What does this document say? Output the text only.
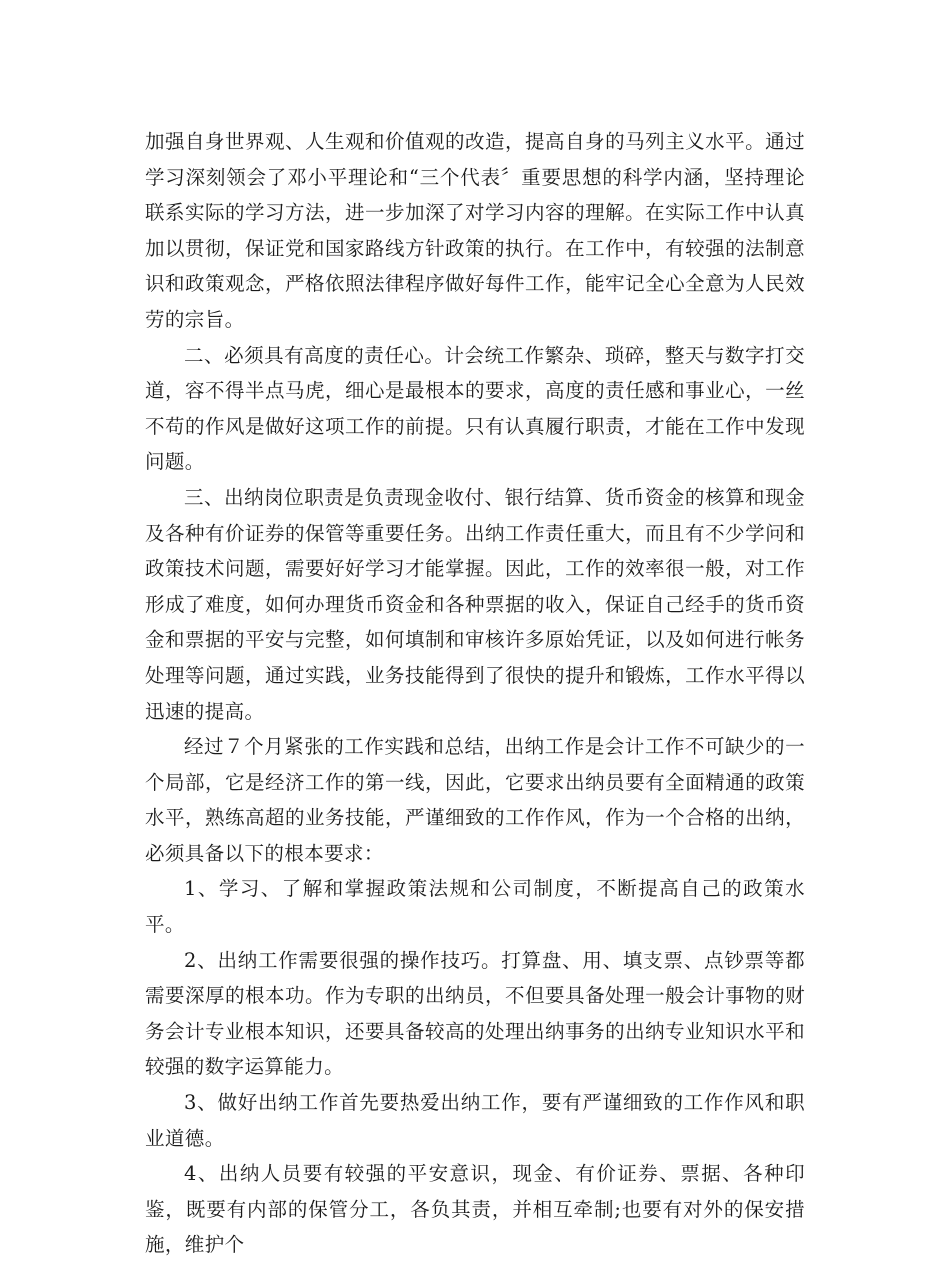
加强自身世界观、人生观和价值观的改造，提高自身的马列主义水平。通过学习深刻领会了邓小平理论和“三个代表〞重要思想的科学内涵，坚持理论联系实际的学习方法，进一步加深了对学习内容的理解。在实际工作中认真加以贯彻，保证党和国家路线方针政策的执行。在工作中，有较强的法制意识和政策观念，严格依照法律程序做好每件工作，能牢记全心全意为人民效劳的宗旨。

二、必须具有高度的责任心。计会统工作繁杂、琐碎，整天与数字打交道，容不得半点马虎，细心是最根本的要求，高度的责任感和事业心，一丝不苟的作风是做好这项工作的前提。只有认真履行职责，才能在工作中发现问题。

三、出纳岗位职责是负责现金收付、银行结算、货币资金的核算和现金及各种有价证券的保管等重要任务。出纳工作责任重大，而且有不少学问和政策技术问题，需要好好学习才能掌握。因此，工作的效率很一般，对工作形成了难度，如何办理货币资金和各种票据的收入，保证自己经手的货币资金和票据的平安与完整，如何填制和审核许多原始凭证，以及如何进行帐务处理等问题，通过实践，业务技能得到了很快的提升和锻炼，工作水平得以迅速的提高。

经过７个月紧张的工作实践和总结，出纳工作是会计工作不可缺少的一个局部，它是经济工作的第一线，因此，它要求出纳员要有全面精通的政策水平，熟练高超的业务技能，严谨细致的工作作风，作为一个合格的出纳，必须具备以下的根本要求：

1、学习、了解和掌握政策法规和公司制度，不断提高自己的政策水平。

2、出纳工作需要很强的操作技巧。打算盘、用、填支票、点钞票等都需要深厚的根本功。作为专职的出纳员，不但要具备处理一般会计事物的财务会计专业根本知识，还要具备较高的处理出纳事务的出纳专业知识水平和较强的数字运算能力。

3、做好出纳工作首先要热爱出纳工作，要有严谨细致的工作作风和职业道德。

4、出纳人员要有较强的平安意识，现金、有价证券、票据、各种印鉴，既要有内部的保管分工，各负其责，并相互牵制;也要有对外的保安措施，维护个
